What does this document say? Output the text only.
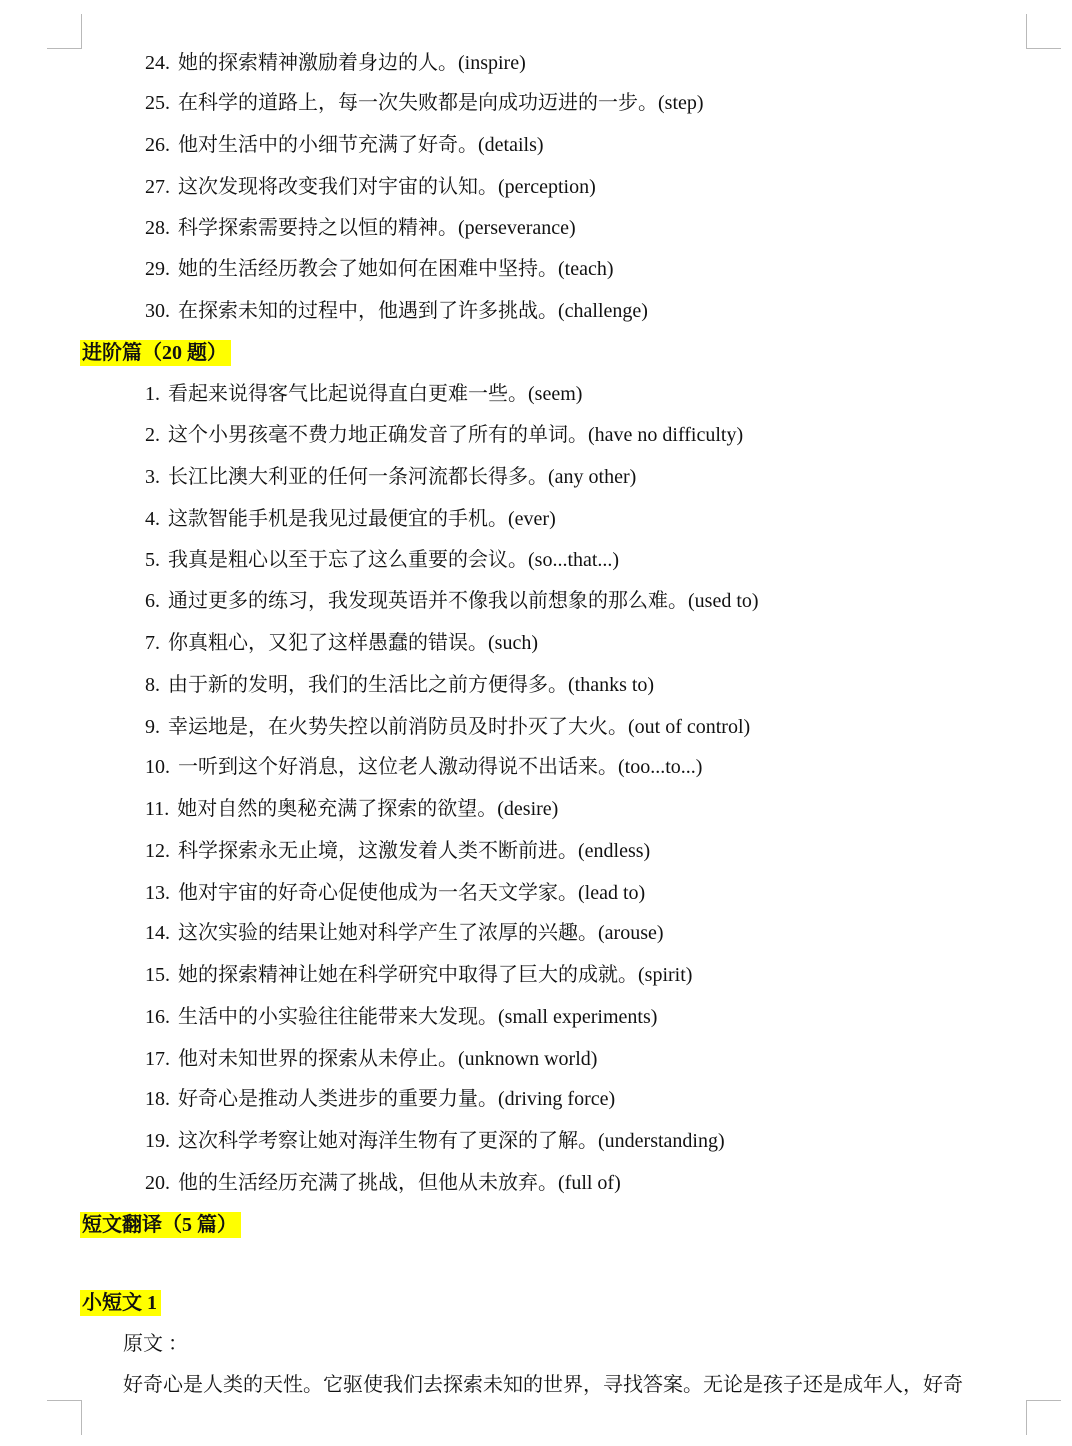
24. 她的探索精神激励着身边的人。(inspire)
25. 在科学的道路上，每一次失败都是向成功迈进的一步。(step)
26. 他对生活中的小细节充满了好奇。(details)
27. 这次发现将改变我们对宇宙的认知。(perception)
28. 科学探索需要持之以恒的精神。(perseverance)
29. 她的生活经历教会了她如何在困难中坚持。(teach)
30. 在探索未知的过程中，他遇到了许多挑战。(challenge)
进阶篇（20 题）
1. 看起来说得客气比起说得直白更难一些。(seem)
2. 这个小男孩毫不费力地正确发音了所有的单词。(have no difficulty)
3. 长江比澳大利亚的任何一条河流都长得多。(any other)
4. 这款智能手机是我见过最便宜的手机。(ever)
5. 我真是粗心以至于忘了这么重要的会议。(so...that...)
6. 通过更多的练习，我发现英语并不像我以前想象的那么难。(used to)
7. 你真粗心，又犯了这样愚蠢的错误。(such)
8. 由于新的发明，我们的生活比之前方便得多。(thanks to)
9. 幸运地是，在火势失控以前消防员及时扑灭了大火。(out of control)
10. 一听到这个好消息，这位老人激动得说不出话来。(too...to...)
11. 她对自然的奥秘充满了探索的欲望。(desire)
12. 科学探索永无止境，这激发着人类不断前进。(endless)
13. 他对宇宙的好奇心促使他成为一名天文学家。(lead to)
14. 这次实验的结果让她对科学产生了浓厚的兴趣。(arouse)
15. 她的探索精神让她在科学研究中取得了巨大的成就。(spirit)
16. 生活中的小实验往往能带来大发现。(small experiments)
17. 他对未知世界的探索从未停止。(unknown world)
18. 好奇心是推动人类进步的重要力量。(driving force)
19. 这次科学考察让她对海洋生物有了更深的了解。(understanding)
20. 他的生活经历充满了挑战，但他从未放弃。(full of)
短文翻译（5 篇）
小短文 1
原文 ：
好奇心是人类的天性。它驱使我们去探索未知的世界，寻找答案。无论是孩子还是成年人，好奇
